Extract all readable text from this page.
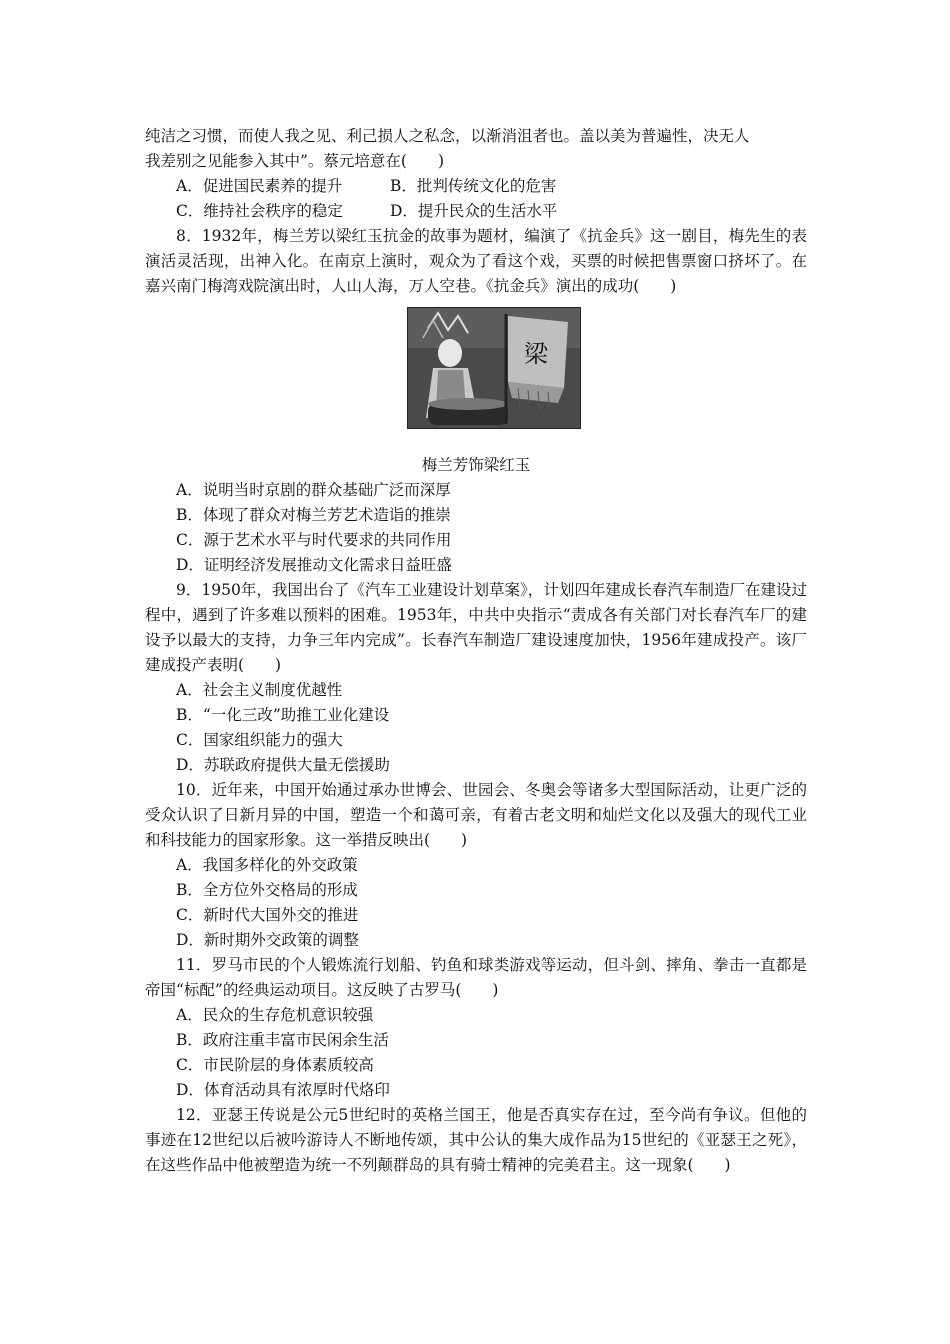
纯洁之习惯，而使人我之见、利己损人之私念，以渐消沮者也。盖以美为普遍性，决无人
我差别之见能参入其中”。蔡元培意在(　　)
A．促进国民素养的提升	B．批判传统文化的危害
C．维持社会秩序的稳定	D．提升民众的生活水平
8．1932年，梅兰芳以梁红玉抗金的故事为题材，编演了《抗金兵》这一剧目，梅先生的表演活灵活现，出神入化。在南京上演时，观众为了看这个戏，买票的时候把售票窗口挤坏了。在嘉兴南门梅湾戏院演出时，人山人海，万人空巷。《抗金兵》演出的成功(　　)
梁
梅兰芳饰梁红玉
A．说明当时京剧的群众基础广泛而深厚
B．体现了群众对梅兰芳艺术造诣的推崇
C．源于艺术水平与时代要求的共同作用
D．证明经济发展推动文化需求日益旺盛
9．1950年，我国出台了《汽车工业建设计划草案》，计划四年建成长春汽车制造厂在建设过程中，遇到了许多难以预料的困难。1953年，中共中央指示“责成各有关部门对长春汽车厂的建设予以最大的支持，力争三年内完成”。长春汽车制造厂建设速度加快，1956年建成投产。该厂建成投产表明(　　)
A．社会主义制度优越性
B．“一化三改”助推工业化建设
C．国家组织能力的强大
D．苏联政府提供大量无偿援助
10．近年来，中国开始通过承办世博会、世园会、冬奥会等诸多大型国际活动，让更广泛的受众认识了日新月异的中国，塑造一个和蔼可亲，有着古老文明和灿烂文化以及强大的现代工业和科技能力的国家形象。这一举措反映出(　　)
A．我国多样化的外交政策
B．全方位外交格局的形成
C．新时代大国外交的推进
D．新时期外交政策的调整
11．罗马市民的个人锻炼流行划船、钓鱼和球类游戏等运动，但斗剑、摔角、拳击一直都是帝国“标配”的经典运动项目。这反映了古罗马(　　)
A．民众的生存危机意识较强
B．政府注重丰富市民闲余生活
C．市民阶层的身体素质较高
D．体育活动具有浓厚时代烙印
12．亚瑟王传说是公元5世纪时的英格兰国王，他是否真实存在过，至今尚有争议。但他的事迹在12世纪以后被吟游诗人不断地传颂，其中公认的集大成作品为15世纪的《亚瑟王之死》，在这些作品中他被塑造为统一不列颠群岛的具有骑士精神的完美君主。这一现象(　　)
